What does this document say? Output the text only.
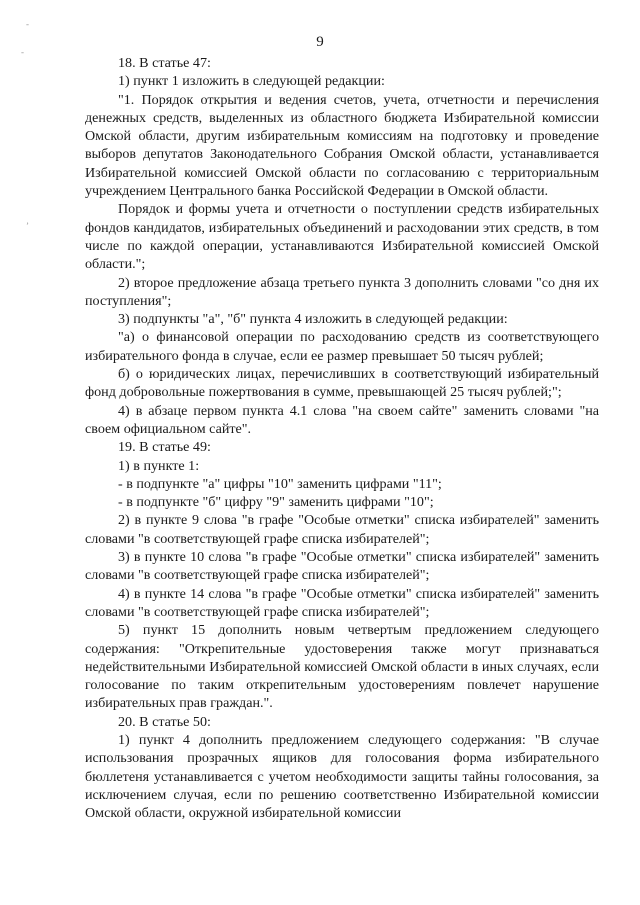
-
-
’
9

18. В статье 47:

1) пункт 1 изложить в следующей редакции:

"1. Порядок открытия и ведения счетов, учета, отчетности и перечисления денежных средств, выделенных из областного бюджета Избирательной комиссии Омской области, другим избирательным комиссиям на подготовку и проведение выборов депутатов Законодательного Собрания Омской области, устанавливается Избирательной комиссией Омской области по согласованию с территориальным учреждением Центрального банка Российской Федерации в Омской области.

Порядок и формы учета и отчетности о поступлении средств избирательных фондов кандидатов, избирательных объединений и расходовании этих средств, в том числе по каждой операции, устанавливаются Избирательной комиссией Омской области.";

2) второе предложение абзаца третьего пункта 3 дополнить словами "со дня их поступления";

3) подпункты "а", "б" пункта 4 изложить в следующей редакции:

"а) о финансовой операции по расходованию средств из соответствующего избирательного фонда в случае, если ее размер превышает 50 тысяч рублей;

б) о юридических лицах, перечисливших в соответствующий избирательный фонд добровольные пожертвования в сумме, превышающей 25 тысяч рублей;";

4) в абзаце первом пункта 4.1 слова "на своем сайте" заменить словами "на своем официальном сайте".

19. В статье 49:

1) в пункте 1:

- в подпункте "а" цифры "10" заменить цифрами "11";

- в подпункте "б" цифру "9" заменить цифрами "10";

2) в пункте 9 слова "в графе "Особые отметки" списка избирателей" заменить словами "в соответствующей графе списка избирателей";

3) в пункте 10 слова "в графе "Особые отметки" списка избирателей" заменить словами "в соответствующей графе списка избирателей";

4) в пункте 14 слова "в графе "Особые отметки" списка избирателей" заменить словами "в соответствующей графе списка избирателей";

5) пункт 15 дополнить новым четвертым предложением следующего содержания: "Открепительные удостоверения также могут признаваться недействительными Избирательной комиссией Омской области в иных случаях, если голосование по таким открепительным удостоверениям повлечет нарушение избирательных прав граждан.".

20. В статье 50:

1) пункт 4 дополнить предложением следующего содержания: "В случае использования прозрачных ящиков для голосования форма избирательного бюллетеня устанавливается с учетом необходимости защиты тайны голосования, за исключением случая, если по решению соответственно Избирательной комиссии Омской области, окружной избирательной комиссии
